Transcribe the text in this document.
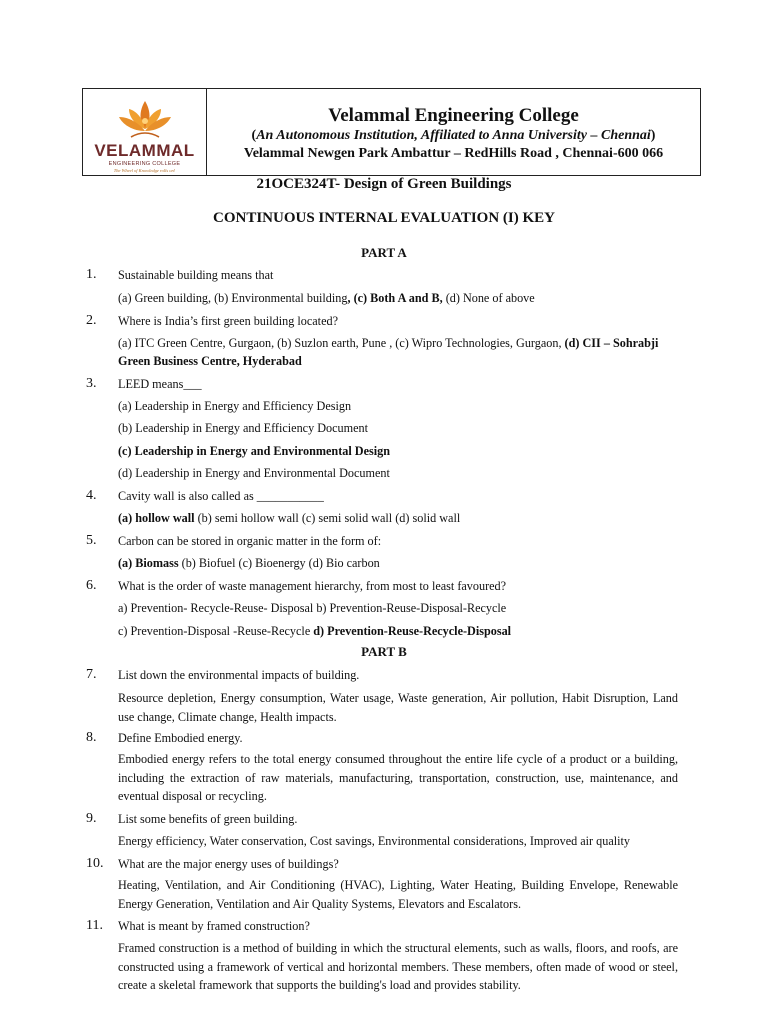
VELAMMAL
ENGINEERING COLLEGE
The Wheel of Knowledge rolls on!
Velammal Engineering College
(An Autonomous Institution, Affiliated to Anna University – Chennai)
Velammal Newgen Park Ambattur – RedHills Road , Chennai-600 066
21OCE324T- Design of Green Buildings
CONTINUOUS INTERNAL EVALUATION (I) KEY
PART A
1. Sustainable building means that
(a) Green building, (b) Environmental building, (c) Both A and B, (d) None of above
2. Where is India’s first green building located?
(a) ITC Green Centre, Gurgaon, (b) Suzlon earth, Pune , (c) Wipro Technologies, Gurgaon, (d) CII – Sohrabji
Green Business Centre, Hyderabad
3. LEED means___
(a) Leadership in Energy and Efficiency Design
(b) Leadership in Energy and Efficiency Document
(c) Leadership in Energy and Environmental Design
(d) Leadership in Energy and Environmental Document
4. Cavity wall is also called as ___________
(a) hollow wall (b) semi hollow wall (c) semi solid wall (d) solid wall
5. Carbon can be stored in organic matter in the form of:
(a) Biomass (b) Biofuel (c) Bioenergy (d) Bio carbon
6. What is the order of waste management hierarchy, from most to least favoured?
a) Prevention- Recycle-Reuse- Disposal b) Prevention-Reuse-Disposal-Recycle
c) Prevention-Disposal -Reuse-Recycle d) Prevention-Reuse-Recycle-Disposal
PART B
7. List down the environmental impacts of building.
Resource depletion, Energy consumption, Water usage, Waste generation, Air pollution, Habit Disruption, Land use change, Climate change, Health impacts.
8. Define Embodied energy.
Embodied energy refers to the total energy consumed throughout the entire life cycle of a product or a building, including the extraction of raw materials, manufacturing, transportation, construction, use, maintenance, and eventual disposal or recycling.
9. List some benefits of green building.
Energy efficiency, Water conservation, Cost savings, Environmental considerations, Improved air quality
10. What are the major energy uses of buildings?
Heating, Ventilation, and Air Conditioning (HVAC), Lighting, Water Heating, Building Envelope, Renewable Energy Generation, Ventilation and Air Quality Systems, Elevators and Escalators.
11. What is meant by framed construction?
Framed construction is a method of building in which the structural elements, such as walls, floors, and roofs, are constructed using a framework of vertical and horizontal members. These members, often made of wood or steel, create a skeletal framework that supports the building's load and provides stability.
